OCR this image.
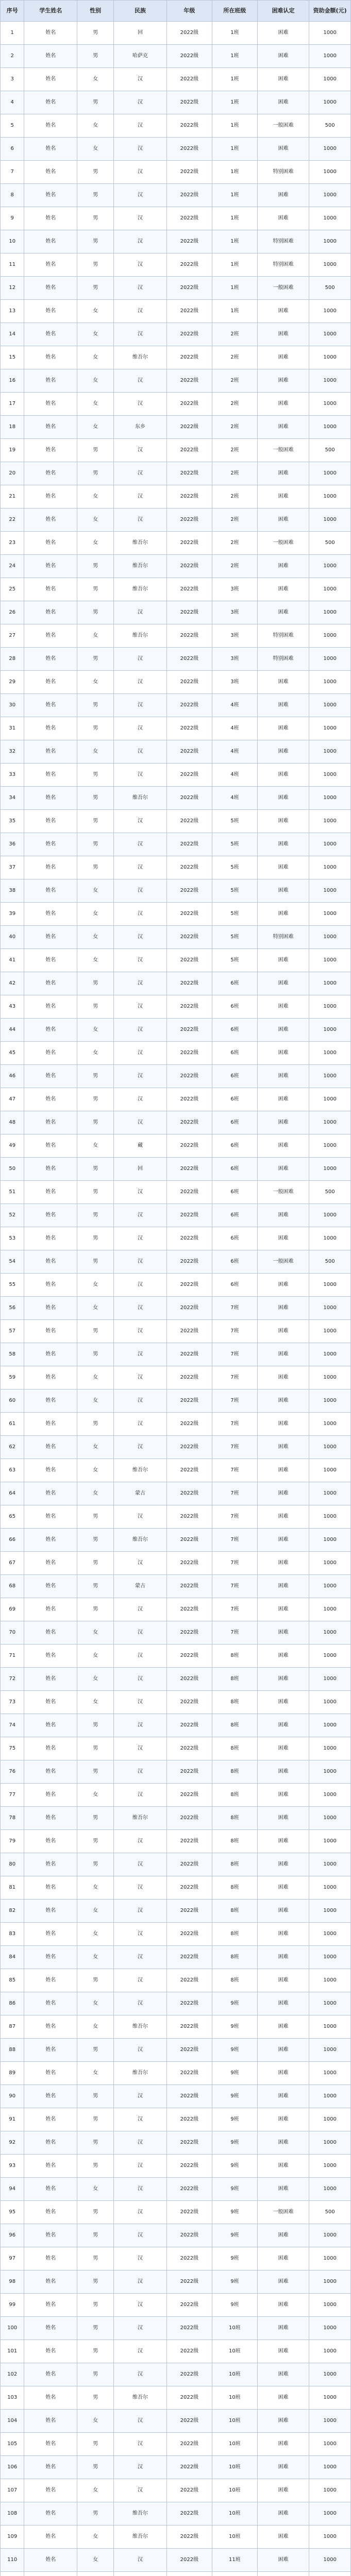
序号	学生姓名	性别	民族	年级	所在班级	困难认定	资助金额(元)
1	姓名	男	回	2022级	1班	困难	1000
2	姓名	男	哈萨克	2022级	1班	困难	1000
3	姓名	女	汉	2022级	1班	困难	1000
4	姓名	男	汉	2022级	1班	困难	1000
5	姓名	女	汉	2022级	1班	一般困难	500
6	姓名	女	汉	2022级	1班	困难	1000
7	姓名	男	汉	2022级	1班	特别困难	1000
8	姓名	男	汉	2022级	1班	困难	1000
9	姓名	男	汉	2022级	1班	困难	1000
10	姓名	男	汉	2022级	1班	特别困难	1000
11	姓名	男	汉	2022级	1班	特别困难	1000
12	姓名	男	汉	2022级	1班	一般困难	500
13	姓名	女	汉	2022级	1班	困难	1000
14	姓名	女	汉	2022级	2班	困难	1000
15	姓名	女	维吾尔	2022级	2班	困难	1000
16	姓名	女	汉	2022级	2班	困难	1000
17	姓名	女	汉	2022级	2班	困难	1000
18	姓名	女	东乡	2022级	2班	困难	1000
19	姓名	男	汉	2022级	2班	一般困难	500
20	姓名	男	汉	2022级	2班	困难	1000
21	姓名	女	汉	2022级	2班	困难	1000
22	姓名	女	汉	2022级	2班	困难	1000
23	姓名	女	维吾尔	2022级	2班	一般困难	500
24	姓名	男	维吾尔	2022级	2班	困难	1000
25	姓名	男	维吾尔	2022级	3班	困难	1000
26	姓名	男	汉	2022级	3班	困难	1000
27	姓名	女	维吾尔	2022级	3班	特别困难	1000
28	姓名	男	汉	2022级	3班	特别困难	1000
29	姓名	女	汉	2022级	3班	困难	1000
30	姓名	男	汉	2022级	4班	困难	1000
31	姓名	男	汉	2022级	4班	困难	1000
32	姓名	女	汉	2022级	4班	困难	1000
33	姓名	男	汉	2022级	4班	困难	1000
34	姓名	男	维吾尔	2022级	4班	困难	1000
35	姓名	男	汉	2022级	5班	困难	1000
36	姓名	男	汉	2022级	5班	困难	1000
37	姓名	男	汉	2022级	5班	困难	1000
38	姓名	女	汉	2022级	5班	困难	1000
39	姓名	女	汉	2022级	5班	困难	1000
40	姓名	女	汉	2022级	5班	特别困难	1000
41	姓名	女	汉	2022级	5班	困难	1000
42	姓名	男	汉	2022级	6班	困难	1000
43	姓名	男	汉	2022级	6班	困难	1000
44	姓名	女	汉	2022级	6班	困难	1000
45	姓名	女	汉	2022级	6班	困难	1000
46	姓名	男	汉	2022级	6班	困难	1000
47	姓名	男	汉	2022级	6班	困难	1000
48	姓名	男	汉	2022级	6班	困难	1000
49	姓名	女	藏	2022级	6班	困难	1000
50	姓名	男	回	2022级	6班	困难	1000
51	姓名	男	汉	2022级	6班	一般困难	500
52	姓名	男	汉	2022级	6班	困难	1000
53	姓名	男	汉	2022级	6班	困难	1000
54	姓名	男	汉	2022级	6班	一般困难	500
55	姓名	女	汉	2022级	6班	困难	1000
56	姓名	女	汉	2022级	7班	困难	1000
57	姓名	男	汉	2022级	7班	困难	1000
58	姓名	男	汉	2022级	7班	困难	1000
59	姓名	女	汉	2022级	7班	困难	1000
60	姓名	女	汉	2022级	7班	困难	1000
61	姓名	男	汉	2022级	7班	困难	1000
62	姓名	女	汉	2022级	7班	困难	1000
63	姓名	女	维吾尔	2022级	7班	困难	1000
64	姓名	女	蒙古	2022级	7班	困难	1000
65	姓名	男	汉	2022级	7班	困难	1000
66	姓名	男	维吾尔	2022级	7班	困难	1000
67	姓名	男	汉	2022级	7班	困难	1000
68	姓名	男	蒙古	2022级	7班	困难	1000
69	姓名	男	汉	2022级	7班	困难	1000
70	姓名	女	汉	2022级	7班	困难	1000
71	姓名	女	汉	2022级	8班	困难	1000
72	姓名	女	汉	2022级	8班	困难	1000
73	姓名	女	汉	2022级	8班	困难	1000
74	姓名	男	汉	2022级	8班	困难	1000
75	姓名	男	汉	2022级	8班	困难	1000
76	姓名	男	汉	2022级	8班	困难	1000
77	姓名	女	汉	2022级	8班	困难	1000
78	姓名	男	维吾尔	2022级	8班	困难	1000
79	姓名	男	汉	2022级	8班	困难	1000
80	姓名	男	汉	2022级	8班	困难	1000
81	姓名	女	汉	2022级	8班	困难	1000
82	姓名	女	汉	2022级	8班	困难	1000
83	姓名	女	汉	2022级	8班	困难	1000
84	姓名	女	汉	2022级	8班	困难	1000
85	姓名	男	汉	2022级	8班	困难	1000
86	姓名	女	汉	2022级	9班	困难	1000
87	姓名	女	维吾尔	2022级	9班	困难	1000
88	姓名	男	汉	2022级	9班	困难	1000
89	姓名	女	维吾尔	2022级	9班	困难	1000
90	姓名	男	汉	2022级	9班	困难	1000
91	姓名	男	汉	2022级	9班	困难	1000
92	姓名	男	汉	2022级	9班	困难	1000
93	姓名	男	汉	2022级	9班	困难	1000
94	姓名	女	汉	2022级	9班	困难	1000
95	姓名	男	汉	2022级	9班	一般困难	500
96	姓名	男	汉	2022级	9班	困难	1000
97	姓名	男	汉	2022级	9班	困难	1000
98	姓名	男	汉	2022级	9班	困难	1000
99	姓名	男	汉	2022级	9班	困难	1000
100	姓名	男	汉	2022级	10班	困难	1000
101	姓名	男	汉	2022级	10班	困难	1000
102	姓名	男	汉	2022级	10班	困难	1000
103	姓名	男	维吾尔	2022级	10班	困难	1000
104	姓名	女	汉	2022级	10班	困难	1000
105	姓名	男	汉	2022级	10班	困难	1000
106	姓名	男	汉	2022级	10班	困难	1000
107	姓名	女	汉	2022级	10班	困难	1000
108	姓名	男	维吾尔	2022级	10班	困难	1000
109	姓名	女	维吾尔	2022级	10班	困难	1000
110	姓名	女	汉	2022级	11班	困难	1000
